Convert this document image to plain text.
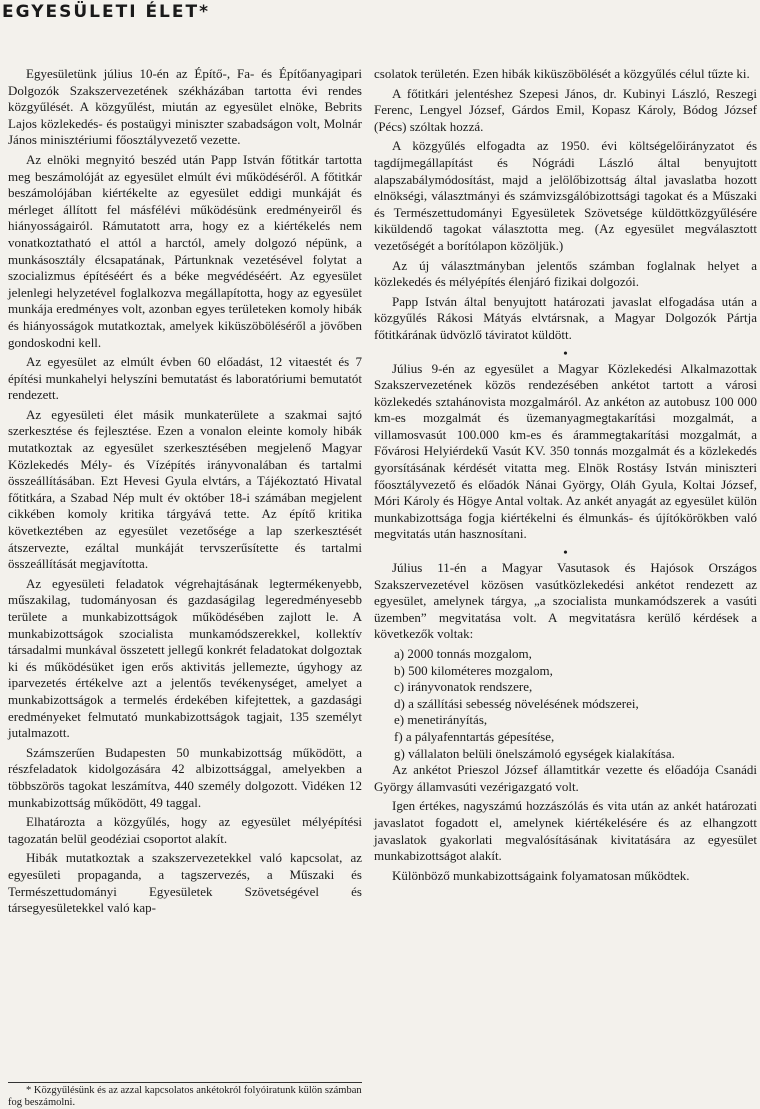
EGYESÜLETI ÉLET*

Egyesületünk július 10-én az Építő-, Fa- és Építőanyagipari Dolgozók Szakszervezetének székházában tartotta évi rendes közgyűlését. A közgyűlést, miután az egyesület elnöke, Bebrits Lajos közlekedés- és postaügyi miniszter szabadságon volt, Molnár János minisztériumi főosztályvezető vezette.

Az elnöki megnyitó beszéd után Papp István főtitkár tartotta meg beszámolóját az egyesület elmúlt évi működéséről. A főtitkár beszámolójában kiértékelte az egyesület eddigi munkáját és mérleget állított fel másfélévi működésünk eredményeiről és hiányosságairól. Rámutatott arra, hogy ez a kiértékelés nem vonatkoztatható el attól a harctól, amely dolgozó népünk, a munkásosztály élcsapatának, Pártunknak vezetésével folytat a szocializmus építéséért és a béke megvédéséért. Az egyesület jelenlegi helyzetével foglalkozva megállapította, hogy az egyesület munkája eredményes volt, azonban egyes területeken komoly hibák és hiányosságok mutatkoztak, amelyek kiküszöböléséről a jövőben gondoskodni kell.

Az egyesület az elmúlt évben 60 előadást, 12 vitaestét és 7 építési munkahelyi helyszíni bemutatást és laboratóriumi bemutatót rendezett.

Az egyesületi élet másik munkaterülete a szakmai sajtó szerkesztése és fejlesztése. Ezen a vonalon eleinte komoly hibák mutatkoztak az egyesület szerkesztésében megjelenő Magyar Közlekedés Mély- és Vízépítés irányvonalában és tartalmi összeállításában. Ezt Hevesi Gyula elvtárs, a Tájékoztató Hivatal főtitkára, a Szabad Nép mult év október 18-i számában megjelent cikkében komoly kritika tárgyává tette. Az építő kritika következtében az egyesület vezetősége a lap szerkesztését átszervezte, ezáltal munkáját tervszerűsítette és tartalmi összeállítását megjavította.

Az egyesületi feladatok végrehajtásának legtermékenyebb, műszakilag, tudományosan és gazdaságilag legeredményesebb területe a munkabizottságok működésében zajlott le. A munkabizottságok szocialista munkamódszerekkel, kollektív társadalmi munkával összetett jellegű konkrét feladatokat dolgoztak ki és működésüket igen erős aktivitás jellemezte, úgyhogy az iparvezetés értékelve azt a jelentős tevékenységet, amelyet a munkabizottságok a termelés érdekében kifejtettek, a gazdasági eredményeket felmutató munkabizottságok tagjait, 135 személyt jutalmazott.

Számszerűen Budapesten 50 munkabizottság működött, a részfeladatok kidolgozására 42 albizottsággal, amelyekben a többszörös tagokat leszámítva, 440 személy dolgozott. Vidéken 12 munkabizottság működött, 49 taggal.

Elhatározta a közgyűlés, hogy az egyesület mélyépítési tagozatán belül geodéziai csoportot alakít.

Hibák mutatkoztak a szakszervezetekkel való kapcsolat, az egyesületi propaganda, a tagszervezés, a Műszaki és Természettudományi Egyesületek Szövetségével és társegyesületekkel való kap-

csolatok területén. Ezen hibák kiküszöbölését a közgyűlés célul tűzte ki.

A főtitkári jelentéshez Szepesi János, dr. Kubinyi László, Reszegi Ferenc, Lengyel József, Gárdos Emil, Kopasz Károly, Bódog József (Pécs) szóltak hozzá.

A közgyűlés elfogadta az 1950. évi költségelőirányzatot és tagdíjmegállapítást és Nógrádi László által benyujtott alapszabálymódosítást, majd a jelölőbizottság által javaslatba hozott elnökségi, választmányi és számvizsgálóbizottsági tagokat és a Műszaki és Természettudományi Egyesületek Szövetsége küldöttközgyűlésére kiküldendő tagokat választotta meg. (Az egyesület megválasztott vezetőségét a borítólapon közöljük.)

Az új választmányban jelentős számban foglalnak helyet a közlekedés és mélyépítés élenjáró fizikai dolgozói.

Papp István által benyujtott határozati javaslat elfogadása után a közgyűlés Rákosi Mátyás elvtársnak, a Magyar Dolgozók Pártja főtitkárának üdvözlő táviratot küldött.

•

Július 9-én az egyesület a Magyar Közlekedési Alkalmazottak Szakszervezetének közös rendezésében ankétot tartott a városi közlekedés sztahánovista mozgalmáról. Az ankéton az autobusz 100 000 km-es mozgalmát és üzemanyagmegtakarítási mozgalmát, a villamosvasút 100.000 km-es és árammegtakarítási mozgalmát, a Fővárosi Helyiérdekű Vasút KV. 350 tonnás mozgalmát és a közlekedés gyorsításának kérdését vitatta meg. Elnök Rostásy István miniszteri főosztályvezető és előadók Nánai György, Oláh Gyula, Koltai József, Móri Károly és Högye Antal voltak. Az ankét anyagát az egyesület külön munkabizottsága fogja kiértékelni és élmunkás- és újítókörökben való megvitatás után hasznosítani.

•

Július 11-én a Magyar Vasutasok és Hajósok Országos Szakszervezetével közösen vasútközlekedési ankétot rendezett az egyesület, amelynek tárgya, „a szocialista munkamódszerek a vasúti üzemben” megvitatása volt. A megvitatásra kerülő kérdések a következők voltak:

a) 2000 tonnás mozgalom,

b) 500 kilométeres mozgalom,

c) irányvonatok rendszere,

d) a szállítási sebesség növelésének módszerei,

e) menetirányítás,

f) a pályafenntartás gépesítése,

g) vállalaton belüli önelszámoló egységek kialakítása.

Az ankétot Prieszol József államtitkár vezette és előadója Csanádi György államvasúti vezérigazgató volt.

Igen értékes, nagyszámú hozzászólás és vita után az ankét határozati javaslatot fogadott el, amelynek kiértékelésére és az elhangzott javaslatok gyakorlati megvalósításának kivitatására az egyesület munkabizottságot alakít.

Különböző munkabizottságaink folyamatosan működtek.

* Közgyűlésünk és az azzal kapcsolatos ankétokról folyóiratunk külön számban fog beszámolni.
